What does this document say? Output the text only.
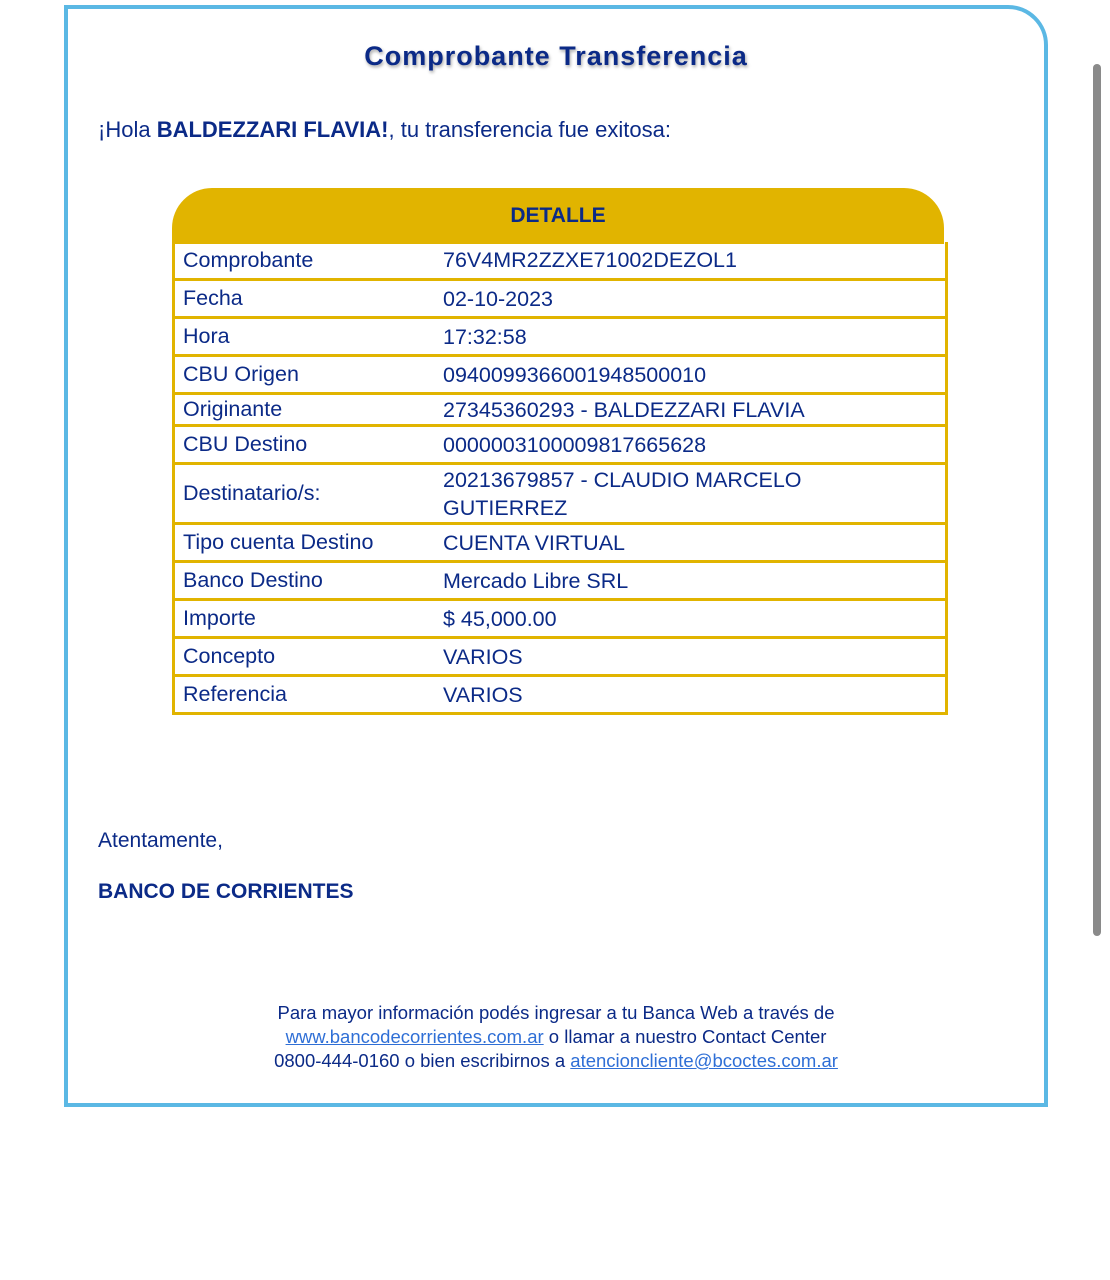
Comprobante Transferencia
¡Hola BALDEZZARI FLAVIA!, tu transferencia fue exitosa:
DETALLE
Comprobante	76V4MR2ZZXE71002DEZOL1
Fecha	02-10-2023
Hora	17:32:58
CBU Origen	0940099366001948500010
Originante	27345360293 - BALDEZZARI FLAVIA
CBU Destino	0000003100009817665628
Destinatario/s:
20213679857 - CLAUDIO MARCELO GUTIERREZ
Tipo cuenta Destino	CUENTA VIRTUAL
Banco Destino	Mercado Libre SRL
Importe	$ 45,000.00
Concepto	VARIOS
Referencia	VARIOS
Atentamente,
BANCO DE CORRIENTES
Para mayor información podés ingresar a tu Banca Web a través de
www.bancodecorrientes.com.ar o llamar a nuestro Contact Center
0800-444-0160 o bien escribirnos a atencioncliente@bcoctes.com.ar
